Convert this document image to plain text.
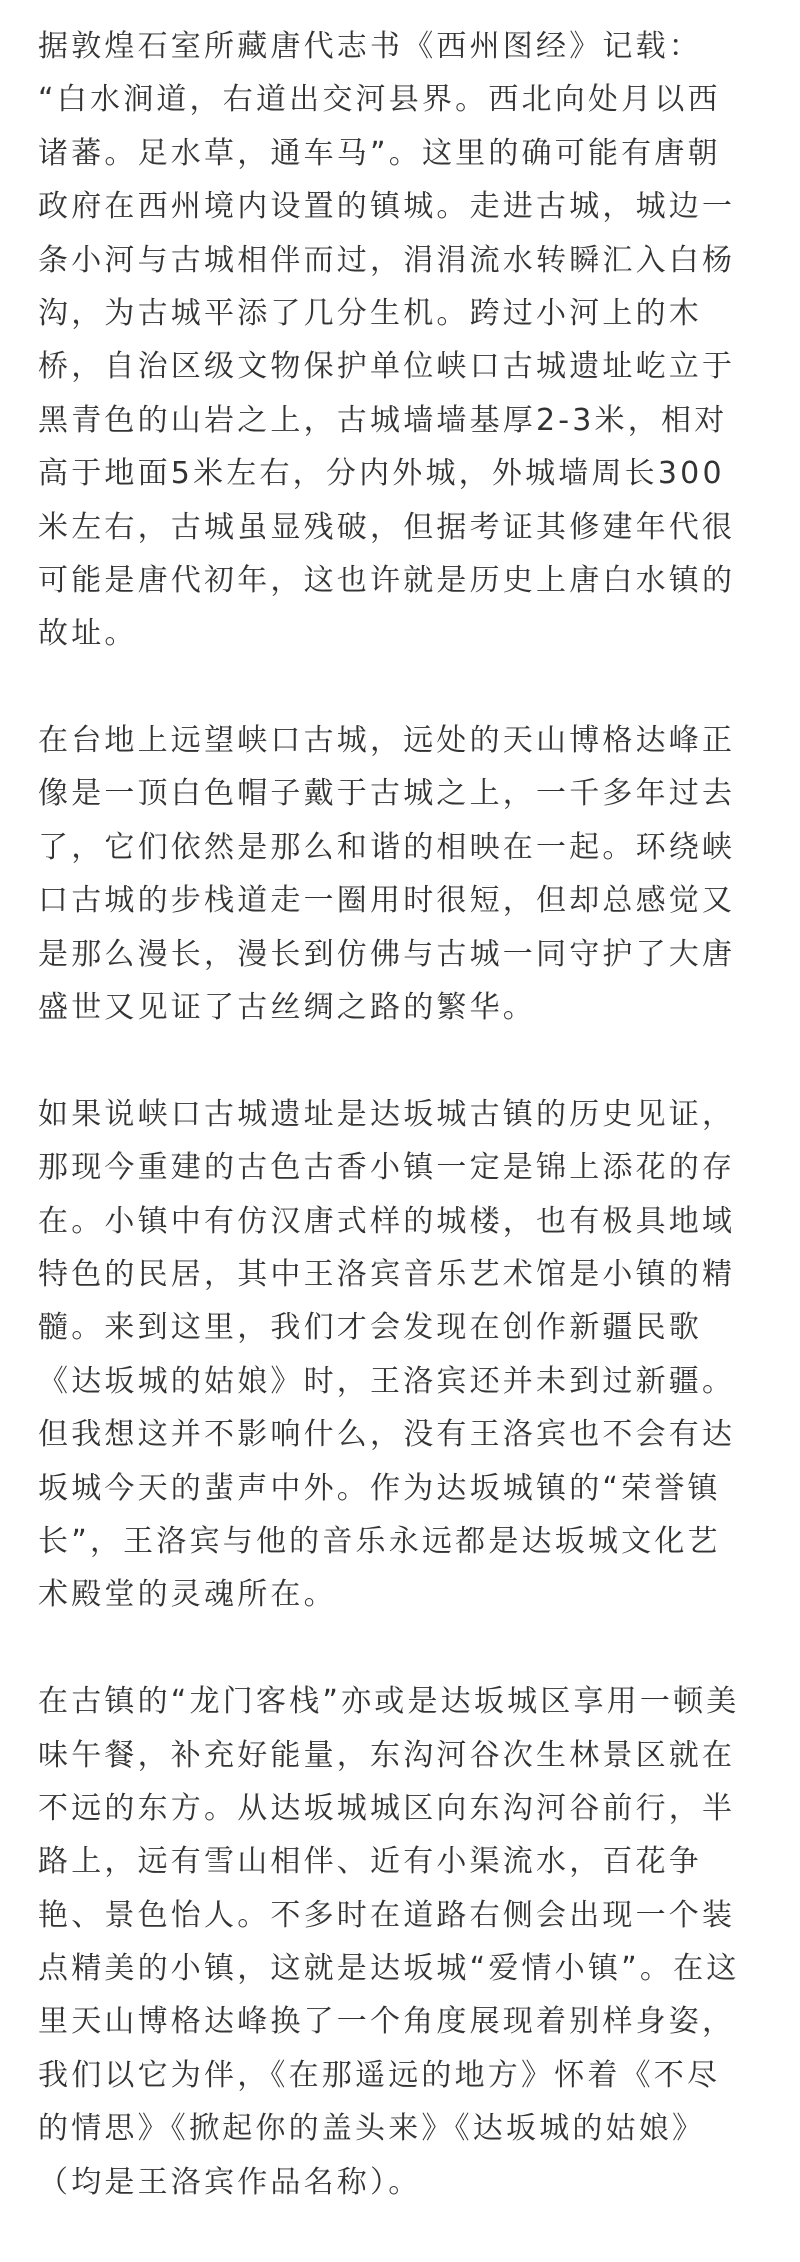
据敦煌石室所藏唐代志书《西州图经》记载：
“白水涧道，右道出交河县界。西北向处月以西
诸蕃。足水草，通车马”。这里的确可能有唐朝
政府在西州境内设置的镇城。走进古城，城边一
条小河与古城相伴而过，涓涓流水转瞬汇入白杨
沟，为古城平添了几分生机。跨过小河上的木
桥，自治区级文物保护单位峡口古城遗址屹立于
黑青色的山岩之上，古城墙墙基厚2-3米，相对
高于地面5米左右，分内外城，外城墙周长300
米左右，古城虽显残破，但据考证其修建年代很
可能是唐代初年，这也许就是历史上唐白水镇的
故址。

在台地上远望峡口古城，远处的天山博格达峰正
像是一顶白色帽子戴于古城之上，一千多年过去
了，它们依然是那么和谐的相映在一起。环绕峡
口古城的步栈道走一圈用时很短，但却总感觉又
是那么漫长，漫长到仿佛与古城一同守护了大唐
盛世又见证了古丝绸之路的繁华。

如果说峡口古城遗址是达坂城古镇的历史见证，
那现今重建的古色古香小镇一定是锦上添花的存
在。小镇中有仿汉唐式样的城楼，也有极具地域
特色的民居，其中王洛宾音乐艺术馆是小镇的精
髓。来到这里，我们才会发现在创作新疆民歌
《达坂城的姑娘》时，王洛宾还并未到过新疆。
但我想这并不影响什么，没有王洛宾也不会有达
坂城今天的蜚声中外。作为达坂城镇的“荣誉镇
长”，王洛宾与他的音乐永远都是达坂城文化艺
术殿堂的灵魂所在。

在古镇的“龙门客栈”亦或是达坂城区享用一顿美
味午餐，补充好能量，东沟河谷次生林景区就在
不远的东方。从达坂城城区向东沟河谷前行，半
路上，远有雪山相伴、近有小渠流水，百花争
艳、景色怡人。不多时在道路右侧会出现一个装
点精美的小镇，这就是达坂城“爱情小镇”。在这
里天山博格达峰换了一个角度展现着别样身姿，
我们以它为伴，《在那遥远的地方》怀着《不尽
的情思》《掀起你的盖头来》《达坂城的姑娘》
（均是王洛宾作品名称）。
